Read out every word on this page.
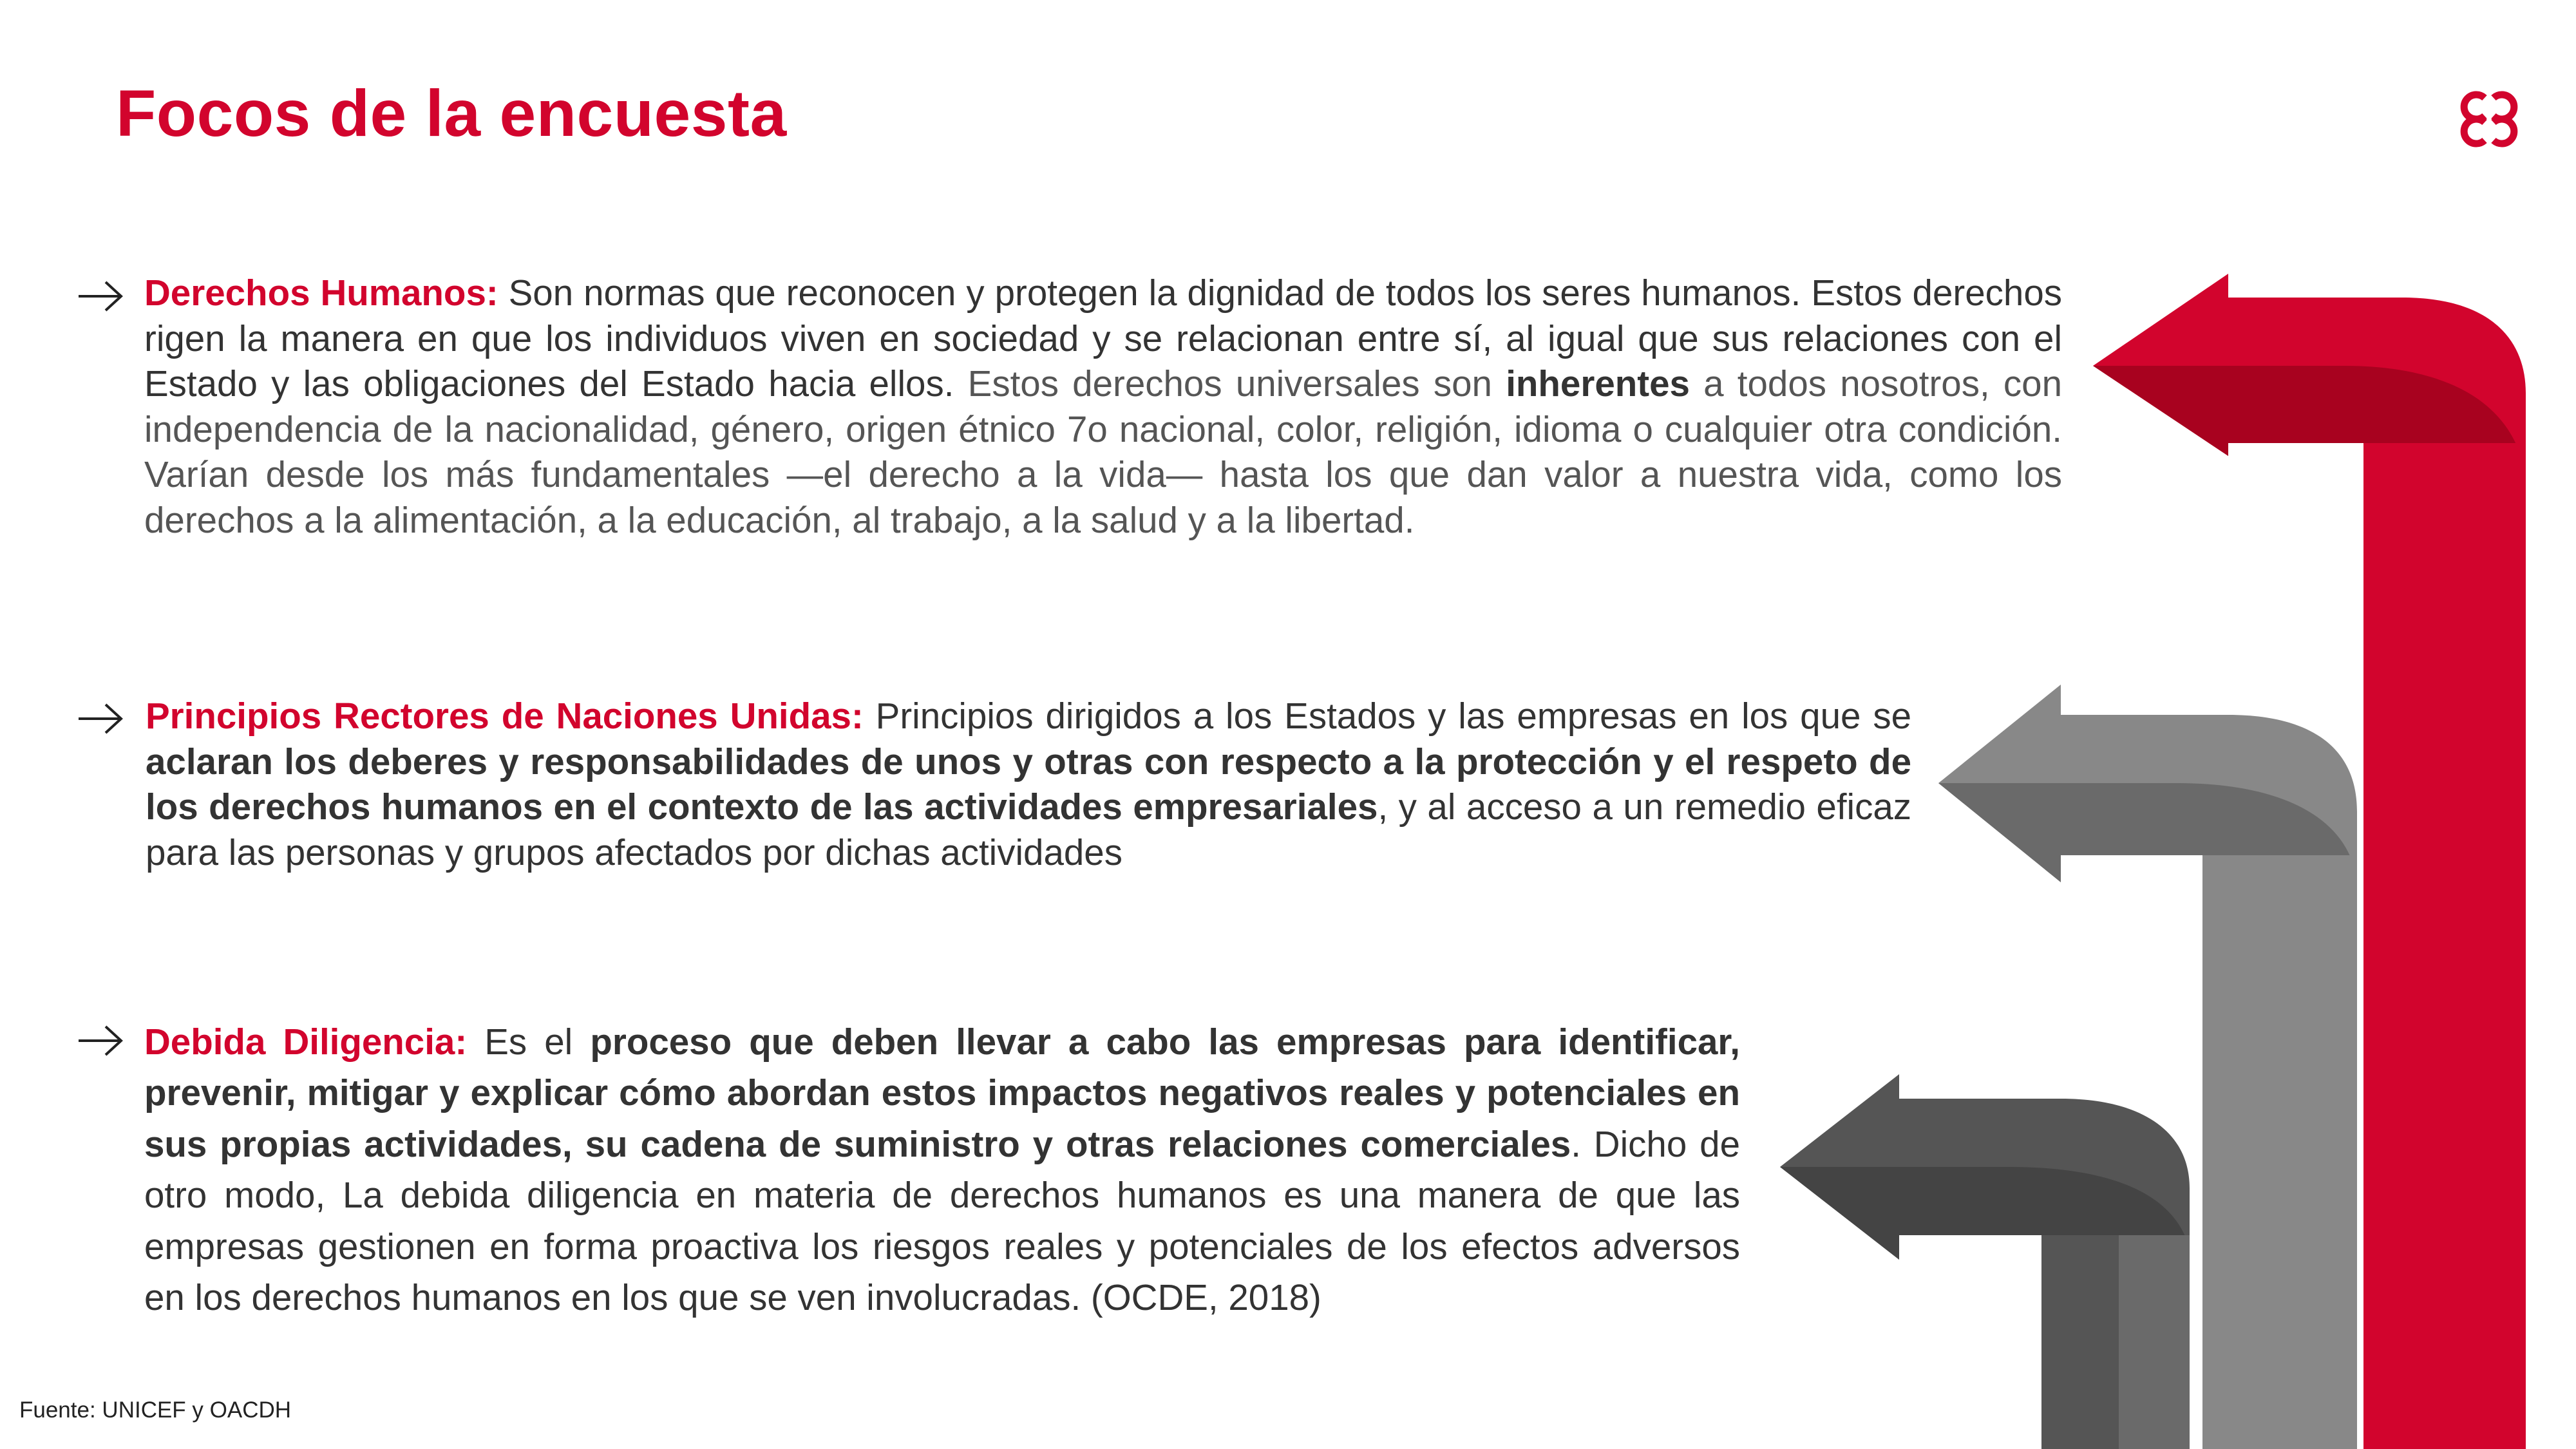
Focos de la encuesta

Derechos Humanos: Son normas que reconocen y protegen la dignidad de todos los seres humanos. Estos derechos rigen la manera en que los individuos viven en sociedad y se relacionan entre sí, al igual que sus relaciones con el Estado y las obligaciones del Estado hacia ellos. Estos derechos universales son inherentes a todos nosotros, con independencia de la nacionalidad, género, origen étnico 7o nacional, color, religión, idioma o cualquier otra condición. Varían desde los más fundamentales —el derecho a la vida— hasta los que dan valor a nuestra vida, como los derechos a la alimentación, a la educación, al trabajo, a la salud y a la libertad.

Principios Rectores de Naciones Unidas: Principios dirigidos a los Estados y las empresas en los que se aclaran los deberes y responsabilidades de unos y otras con respecto a la protección y el respeto de los derechos humanos en el contexto de las actividades empresariales, y al acceso a un remedio eficaz para las personas y grupos afectados por dichas actividades

Debida Diligencia: Es el proceso que deben llevar a cabo las empresas para identificar, prevenir, mitigar y explicar cómo abordan estos impactos negativos reales y potenciales en sus propias actividades, su cadena de suministro y otras relaciones comerciales. Dicho de otro modo, La debida diligencia en materia de derechos humanos es una manera de que las empresas gestionen en forma proactiva los riesgos reales y potenciales de los efectos adversos en los derechos humanos en los que se ven involucradas. (OCDE, 2018)

Fuente: UNICEF y OACDH
